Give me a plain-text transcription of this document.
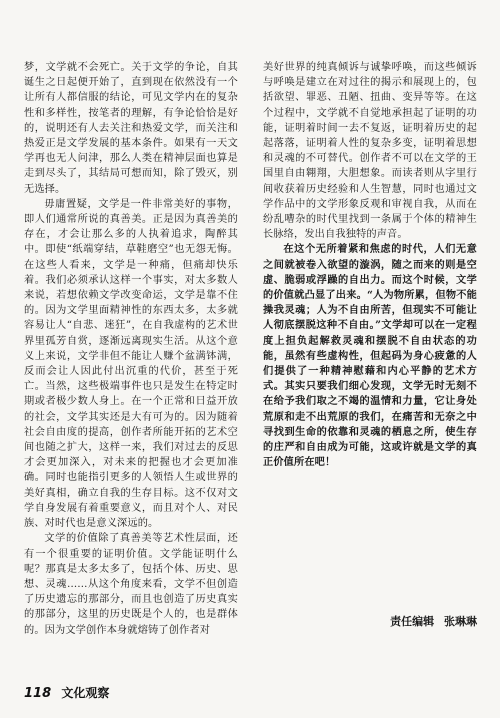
梦，文学就不会死亡。关于文学的争论，自其诞生之日起便开始了，直到现在依然没有一个让所有人都信服的结论，可见文学内在的复杂性和多样性，按笔者的理解，有争论恰恰是好的，说明还有人去关注和热爱文学，而关注和热爱正是文学发展的基本条件。如果有一天文学再也无人问津，那么人类在精神层面也算是走到尽头了，其结局可想而知，除了毁灭，别无选择。

毋庸置疑，文学是一件非常美好的事物，即人们通常所说的真善美。正是因为真善美的存在，才会让那么多的人执着追求，陶醉其中。即使“纸端穿结，草鞋磨空”也无怨无悔。在这些人看来，文学是一种痛，但痛却快乐着。我们必须承认这样一个事实，对太多数人来说，若想依赖文学改变命运，文学是靠不住的。因为文学里面精神性的东西太多，太多就容易让人“自悲、迷狂”，在自我虚构的艺术世界里孤芳自赏，逐渐远离现实生活。从这个意义上来说，文学非但不能让人赚个盆满钵满，反而会让人因此付出沉重的代价，甚至于死亡。当然，这些极端事件也只是发生在特定时期或者极少数人身上。在一个正常和日益开放的社会，文学其实还是大有可为的。因为随着社会自由度的提高，创作者所能开拓的艺术空间也随之扩大，这样一来，我们对过去的反思才会更加深入，对未来的把握也才会更加准确。同时也能指引更多的人领悟人生或世界的美好真相，确立自我的生存目标。这不仅对文学自身发展有着重要意义，而且对个人、对民族、对时代也是意义深远的。

文学的价值除了真善美等艺术性层面，还有一个很重要的证明价值。文学能证明什么呢？那真是太多太多了，包括个体、历史、思想、灵魂……从这个角度来看，文学不但创造了历史遗忘的那部分，而且也创造了历史真实的那部分，这里的历史既是个人的，也是群体的。因为文学创作本身就熔铸了创作者对

美好世界的纯真倾诉与诚挚呼唤，而这些倾诉与呼唤是建立在对过往的揭示和展现上的，包括欲望、罪恶、丑陋、扭曲、变异等等。在这个过程中，文学就不自觉地承担起了证明的功能，证明着时间一去不复返，证明着历史的起起落落，证明着人性的复杂多变，证明着思想和灵魂的不可替代。创作者不可以在文学的王国里自由翱翔，大胆想象。而读者则从字里行间收获着历史经验和人生智慧，同时也通过文学作品中的文学形象反观和审视自我，从而在纷乱嘈杂的时代里找到一条属于个体的精神生长脉络，发出自我独特的声音。

在这个无所着紧和焦虑的时代，人们无意之间就被卷入欲望的漩涡，随之而来的则是空虚、脆弱或浮躁的自出力。而这个时候，文学的价值就凸显了出来。“人为物所累，但物不能操我灵魂；人为不自由所苦，但现实不可能让人彻底摆脱这种不自由。”文学却可以在一定程度上担负起解救灵魂和摆脱不自由状态的功能，虽然有些虚构性，但起码为身心疲惫的人们提供了一种精神慰藉和内心平静的艺术方式。其实只要我们细心发现，文学无时无刻不在给予我们取之不竭的温情和力量，它让身处荒原和走不出荒原的我们，在痛苦和无奈之中寻找到生命的依靠和灵魂的栖息之所，使生存的庄严和自由成为可能，这或许就是文学的真正价值所在吧！

责任编辑 张琳琳
118 文化观察
